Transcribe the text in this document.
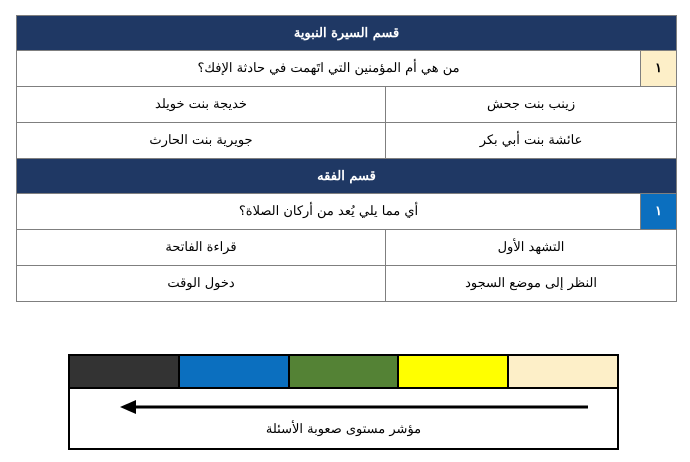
قسم السيرة النبوية		
١	من هي أم المؤمنين التي اتَهمت في حادثة الإفك؟	
زينب بنت جحش		خديجة بنت خويلد
عائشة بنت أبي بكر		جويرية بنت الحارث
قسم الفقه		
١	أي مما يلي يُعد من أركان الصلاة؟	
التشهد الأول		قراءة الفاتحة
النظر إلى موضع السجود		دخول الوقت
مؤشر مستوى صعوبة الأسئلة
